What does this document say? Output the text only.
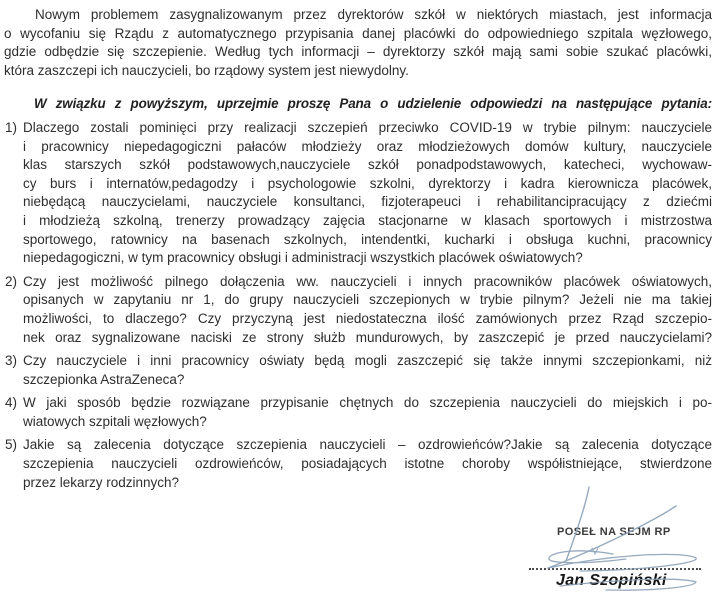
Nowym problemem zasygnalizowanym przez dyrektorów szkół w niektórych miastach, jest informacja
o wycofaniu się Rządu z automatycznego przypisania danej placówki do odpowiedniego szpitala węzłowego,
gdzie odbędzie się szczepienie. Według tych informacji – dyrektorzy szkół mają sami sobie szukać placówki,
która zaszczepi ich nauczycieli, bo rządowy system jest niewydolny.
W związku z powyższym, uprzejmie proszę Pana o udzielenie odpowiedzi na następujące pytania:
1) Dlaczego zostali pominięci przy realizacji szczepień przeciwko COVID-19 w trybie pilnym: nauczyciele
i pracownicy niepedagogiczni pałaców młodzieży oraz młodzieżowych domów kultury, nauczyciele
klas starszych szkół podstawowych,nauczyciele szkół ponadpodstawowych, katecheci, wychowaw-
cy burs i internatów,pedagodzy i psychologowie szkolni, dyrektorzy i kadra kierownicza placówek,
niebędącą nauczycielami, nauczyciele konsultanci, fizjoterapeuci i rehabilitancipracujący z dziećmi
i młodzieżą szkolną, trenerzy prowadzący zajęcia stacjonarne w klasach sportowych i mistrzostwa
sportowego, ratownicy na basenach szkolnych, intendentki, kucharki i obsługa kuchni, pracownicy
niepedagogiczni, w tym pracownicy obsługi i administracji wszystkich placówek oświatowych?
2) Czy jest możliwość pilnego dołączenia ww. nauczycieli i innych pracowników placówek oświatowych,
opisanych w zapytaniu nr 1, do grupy nauczycieli szczepionych w trybie pilnym? Jeżeli nie ma takiej
możliwości, to dlaczego? Czy przyczyną jest niedostateczna ilość zamówionych przez Rząd szczepio-
nek oraz sygnalizowane naciski ze strony służb mundurowych, by zaszczepić je przed nauczycielami?
3) Czy nauczyciele i inni pracownicy oświaty będą mogli zaszczepić się także innymi szczepionkami, niż
szczepionka AstraZeneca?
4) W jaki sposób będzie rozwiązane przypisanie chętnych do szczepienia nauczycieli do miejskich i po-
wiatowych szpitali węzłowych?
5) Jakie są zalecenia dotyczące szczepienia nauczycieli – ozdrowieńców?Jakie są zalecenia dotyczące
szczepienia nauczycieli ozdrowieńców, posiadających istotne choroby współistniejące, stwierdzone
przez lekarzy rodzinnych?
POSEŁ NA SEJM RP
Jan Szopiński
